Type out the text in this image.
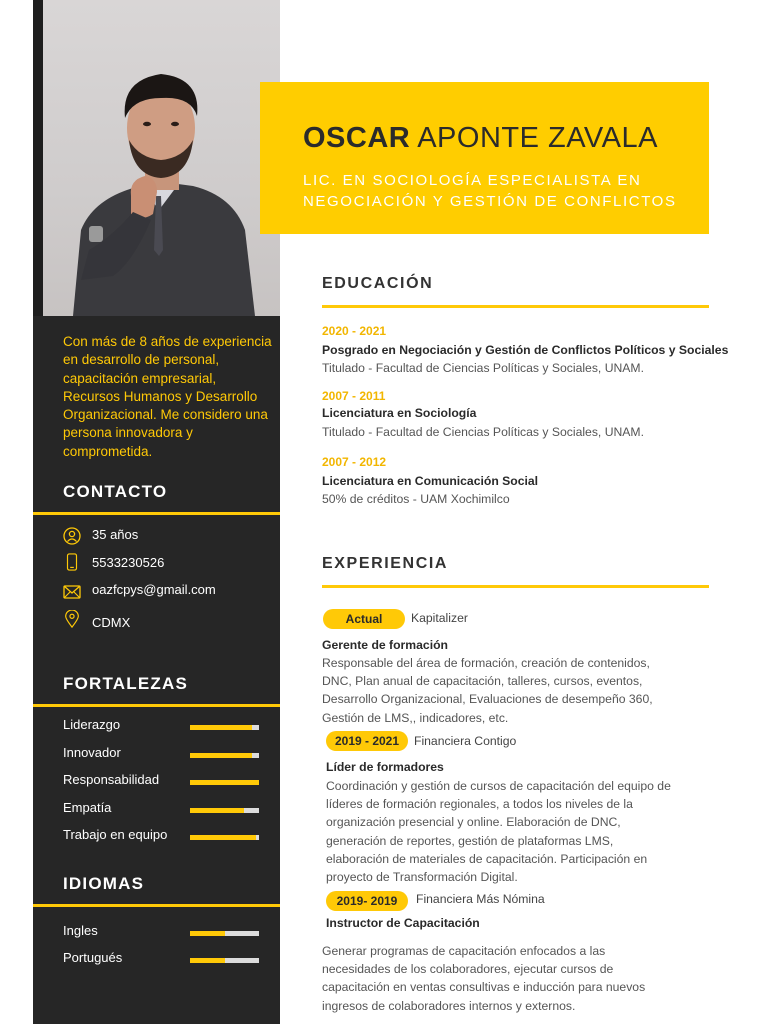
Con más de 8 años de experiencia en desarrollo de personal, capacitación empresarial, Recursos Humanos y Desarrollo Organizacional. Me considero una persona innovadora y comprometida.
CONTACTO
35 años
5533230526
oazfcpys@gmail.com
CDMX
FORTALEZAS
Liderazgo
Innovador
Responsabilidad
Empatía
Trabajo en equipo
IDIOMAS
Ingles
Portugués
OSCAR APONTE ZAVALA
LIC. EN SOCIOLOGÍA ESPECIALISTA EN NEGOCIACIÓN Y GESTIÓN DE CONFLICTOS
EDUCACIÓN
2020 - 2021
Posgrado en Negociación y Gestión de Conflictos Políticos y Sociales
Titulado - Facultad de Ciencias Políticas y Sociales, UNAM.
2007 - 2011
Licenciatura en Sociología
Titulado - Facultad de Ciencias Políticas y Sociales, UNAM.
2007 - 2012
Licenciatura en Comunicación Social
50% de créditos - UAM Xochimilco
EXPERIENCIA
Actual	Kapitalizer
Gerente de formación
Responsable del área de formación, creación de contenidos, DNC, Plan anual de capacitación, talleres, cursos, eventos, Desarrollo Organizacional, Evaluaciones de desempeño 360, Gestión de LMS,, indicadores, etc.
2019 - 2021	Financiera Contigo
Líder de formadores
Coordinación y gestión de cursos de capacitación del equipo de líderes de formación regionales, a todos los niveles de la organización presencial y online. Elaboración de DNC, generación de reportes, gestión de plataformas LMS, elaboración de materiales de capacitación. Participación en proyecto de Transformación Digital.
2019- 2019	Financiera Más Nómina
Instructor de Capacitación
Generar programas de capacitación enfocados a las necesidades de los colaboradores, ejecutar cursos de capacitación en ventas consultivas e inducción para nuevos ingresos de colaboradores internos y externos.
